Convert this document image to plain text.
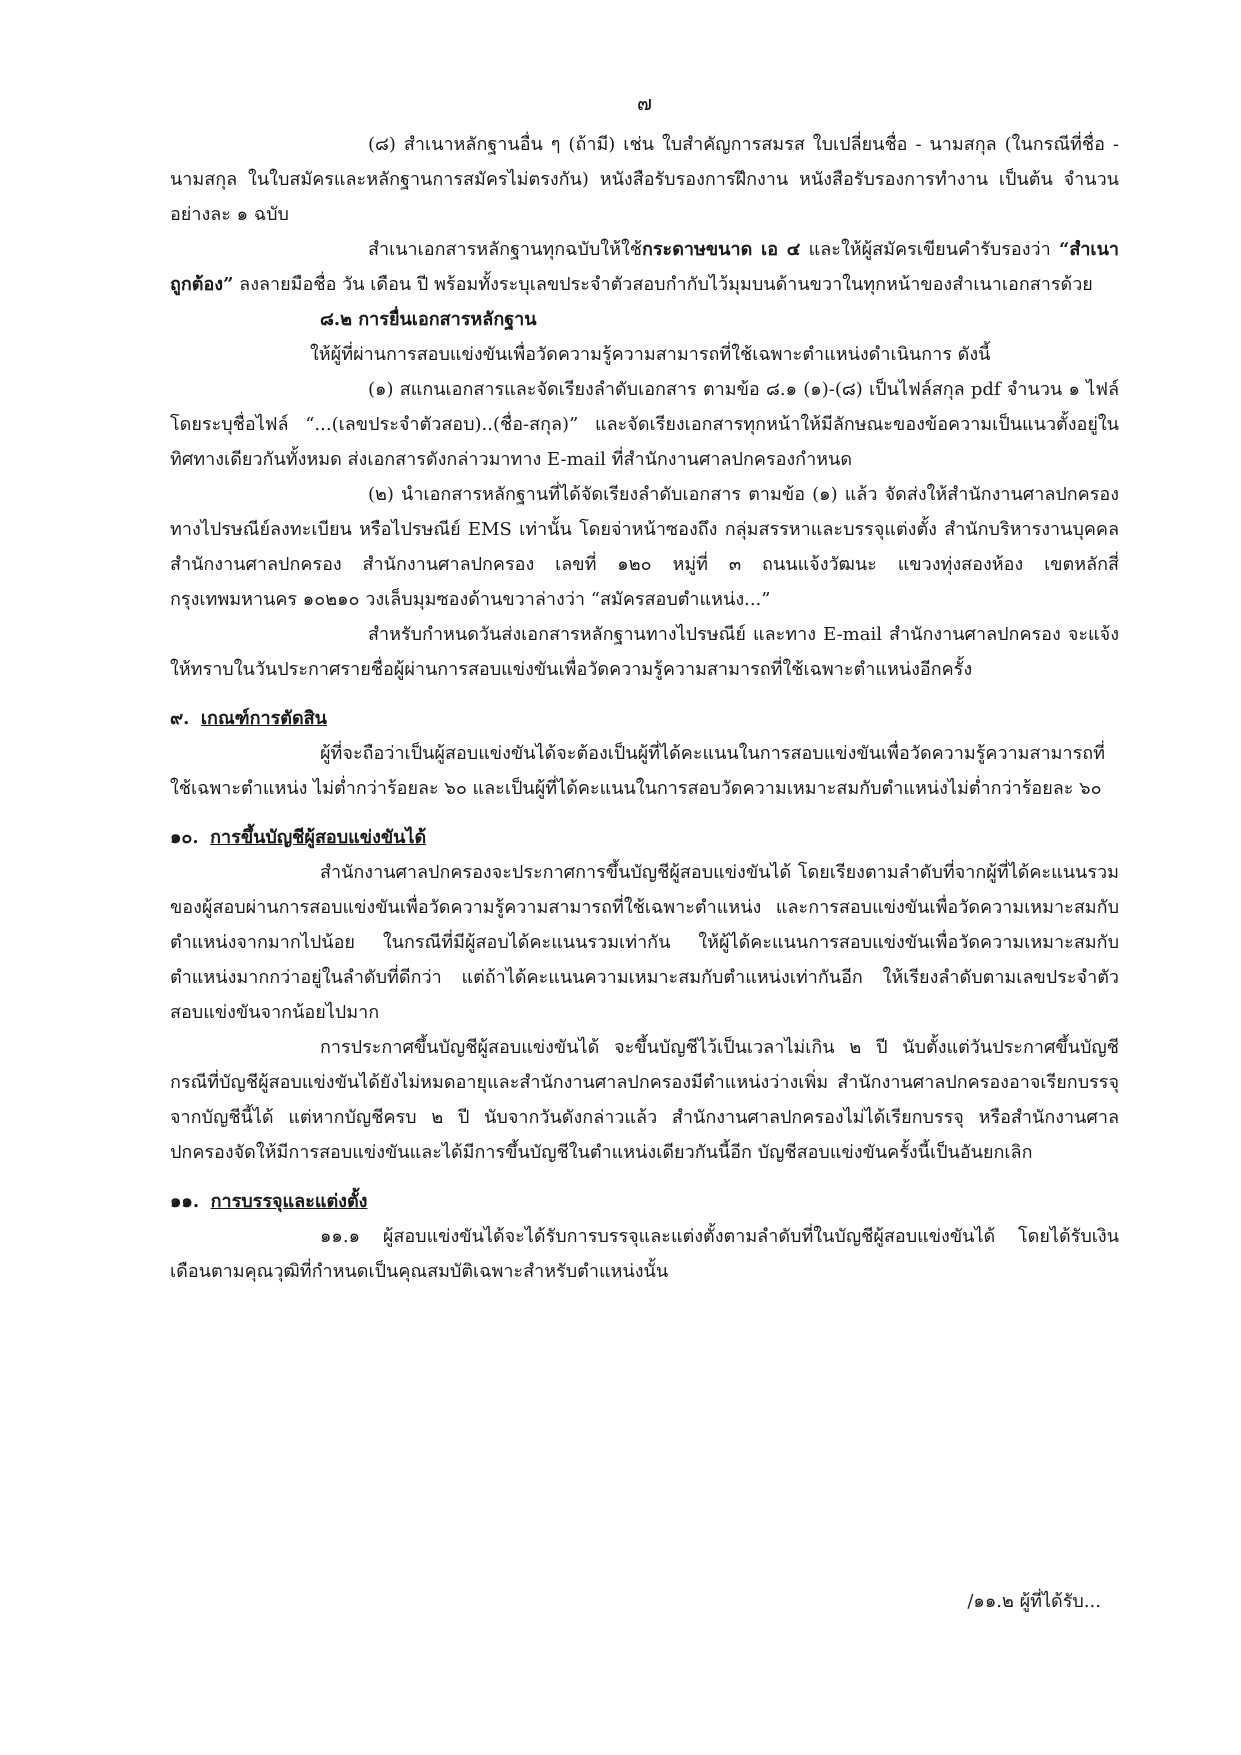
๗

(๘) สำเนาหลักฐานอื่น ๆ (ถ้ามี) เช่น ใบสำคัญการสมรส ใบเปลี่ยนชื่อ - นามสกุล (ในกรณีที่ชื่อ - นามสกุล ในใบสมัครและหลักฐานการสมัครไม่ตรงกัน) หนังสือรับรองการฝึกงาน หนังสือรับรองการทำงาน เป็นต้น จำนวนอย่างละ ๑ ฉบับ

สำเนาเอกสารหลักฐานทุกฉบับให้ใช้กระดาษขนาด เอ ๔ และให้ผู้สมัครเขียนคำรับรองว่า “สำเนาถูกต้อง” ลงลายมือชื่อ วัน เดือน ปี พร้อมทั้งระบุเลขประจำตัวสอบกำกับไว้มุมบนด้านขวาในทุกหน้าของสำเนาเอกสารด้วย

๘.๒ การยื่นเอกสารหลักฐาน

ให้ผู้ที่ผ่านการสอบแข่งขันเพื่อวัดความรู้ความสามารถที่ใช้เฉพาะตำแหน่งดำเนินการ ดังนี้

(๑) สแกนเอกสารและจัดเรียงลำดับเอกสาร ตามข้อ ๘.๑ (๑)-(๘) เป็นไฟล์สกุล pdf จำนวน ๑ ไฟล์ โดยระบุชื่อไฟล์ “...(เลขประจำตัวสอบ)..(ชื่อ-สกุล)” และจัดเรียงเอกสารทุกหน้าให้มีลักษณะของข้อความเป็นแนวตั้งอยู่ในทิศทางเดียวกันทั้งหมด ส่งเอกสารดังกล่าวมาทาง E-mail ที่สำนักงานศาลปกครองกำหนด

(๒) นำเอกสารหลักฐานที่ได้จัดเรียงลำดับเอกสาร ตามข้อ (๑) แล้ว จัดส่งให้สำนักงานศาลปกครองทางไปรษณีย์ลงทะเบียน หรือไปรษณีย์ EMS เท่านั้น โดยจ่าหน้าซองถึง กลุ่มสรรหาและบรรจุแต่งตั้ง สำนักบริหารงานบุคคลสำนักงานศาลปกครอง สำนักงานศาลปกครอง เลขที่ ๑๒๐ หมู่ที่ ๓ ถนนแจ้งวัฒนะ แขวงทุ่งสองห้อง เขตหลักสี่ กรุงเทพมหานคร ๑๐๒๑๐ วงเล็บมุมซองด้านขวาล่างว่า “สมัครสอบตำแหน่ง...”

สำหรับกำหนดวันส่งเอกสารหลักฐานทางไปรษณีย์ และทาง E-mail สำนักงานศาลปกครอง จะแจ้งให้ทราบในวันประกาศรายชื่อผู้ผ่านการสอบแข่งขันเพื่อวัดความรู้ความสามารถที่ใช้เฉพาะตำแหน่งอีกครั้ง

๙. เกณฑ์การตัดสิน

ผู้ที่จะถือว่าเป็นผู้สอบแข่งขันได้จะต้องเป็นผู้ที่ได้คะแนนในการสอบแข่งขันเพื่อวัดความรู้ความสามารถที่ใช้เฉพาะตำแหน่ง ไม่ต่ำกว่าร้อยละ ๖๐ และเป็นผู้ที่ได้คะแนนในการสอบวัดความเหมาะสมกับตำแหน่งไม่ต่ำกว่าร้อยละ ๖๐

๑๐. การขึ้นบัญชีผู้สอบแข่งขันได้

สำนักงานศาลปกครองจะประกาศการขึ้นบัญชีผู้สอบแข่งขันได้ โดยเรียงตามลำดับที่จากผู้ที่ได้คะแนนรวมของผู้สอบผ่านการสอบแข่งขันเพื่อวัดความรู้ความสามารถที่ใช้เฉพาะตำแหน่ง และการสอบแข่งขันเพื่อวัดความเหมาะสมกับตำแหน่งจากมากไปน้อย ในกรณีที่มีผู้สอบได้คะแนนรวมเท่ากัน ให้ผู้ได้คะแนนการสอบแข่งขันเพื่อวัดความเหมาะสมกับตำแหน่งมากกว่าอยู่ในลำดับที่ดีกว่า แต่ถ้าได้คะแนนความเหมาะสมกับตำแหน่งเท่ากันอีก ให้เรียงลำดับตามเลขประจำตัวสอบแข่งขันจากน้อยไปมาก

การประกาศขึ้นบัญชีผู้สอบแข่งขันได้ จะขึ้นบัญชีไว้เป็นเวลาไม่เกิน ๒ ปี นับตั้งแต่วันประกาศขึ้นบัญชี กรณีที่บัญชีผู้สอบแข่งขันได้ยังไม่หมดอายุและสำนักงานศาลปกครองมีตำแหน่งว่างเพิ่ม สำนักงานศาลปกครองอาจเรียกบรรจุจากบัญชีนี้ได้ แต่หากบัญชีครบ ๒ ปี นับจากวันดังกล่าวแล้ว สำนักงานศาลปกครองไม่ได้เรียกบรรจุ หรือสำนักงานศาลปกครองจัดให้มีการสอบแข่งขันและได้มีการขึ้นบัญชีในตำแหน่งเดียวกันนี้อีก บัญชีสอบแข่งขันครั้งนี้เป็นอันยกเลิก

๑๑. การบรรจุและแต่งตั้ง

๑๑.๑ ผู้สอบแข่งขันได้จะได้รับการบรรจุและแต่งตั้งตามลำดับที่ในบัญชีผู้สอบแข่งขันได้ โดยได้รับเงินเดือนตามคุณวุฒิที่กำหนดเป็นคุณสมบัติเฉพาะสำหรับตำแหน่งนั้น

/๑๑.๒ ผู้ที่ได้รับ...
